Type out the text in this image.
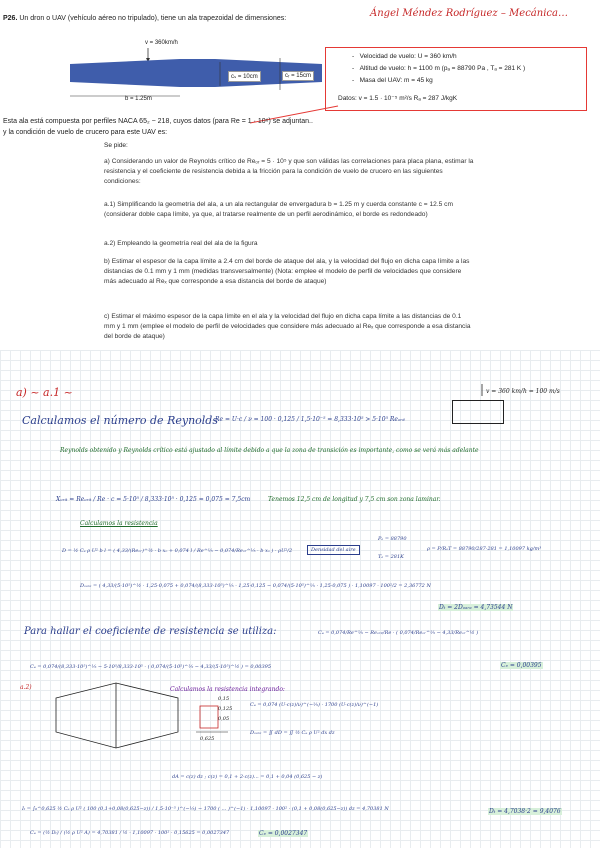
P26. Un dron o UAV (vehículo aéreo no tripulado), tiene un ala trapezoidal de dimensiones:	Ángel Méndez Rodríguez – Mecánica…
v = 360km/h
cₛ = 10cm	cᵣ = 15cm
b = 1.25m
-   Velocidad de vuelo: U = 360 km/h
-   Altitud de vuelo: h = 1100 m (pₐ = 88790 Pa , Tₐ = 281 K )
-   Masa del UAV: m = 45 kg
Datos: v = 1.5 · 10⁻⁵ m²/s Rₐ = 287 J/kgK
Esta ala está compuesta por perfiles NACA 65₂ − 218, cuyos datos (para Re = 1 · 10⁶) se adjuntan..
y la condición de vuelo de crucero para este UAV es:
Se pide:
a) Considerando un valor de Reynolds crítico de Reₒᵣ = 5 · 10⁵ y que son válidas las correlaciones para placa plana, estimar la resistencia y el coeficiente de resistencia debida a la fricción para la condición de vuelo de crucero en las siguientes condiciones:
a.1) Simplificando la geometría del ala, a un ala rectangular de envergadura b = 1.25 m y cuerda constante c = 12.5 cm (considerar doble capa límite, ya que, al tratarse realmente de un perfil aerodinámico, el borde es redondeado)
a.2) Empleando la geometría real del ala de la figura
b) Estimar el espesor de la capa límite a 2.4 cm del borde de ataque del ala, y la velocidad del flujo en dicha capa límite a las distancias de 0.1 mm y 1 mm (medidas transversalmente) (Nota: emplee el modelo de perfil de velocidades que considere más adecuado al Reₓ que corresponde a esa distancia del borde de ataque)
c) Estimar el máximo espesor de la capa límite en el ala y la velocidad del flujo en dicha capa límite a las distancias de 0.1 mm y 1 mm (emplee el modelo de perfil de velocidades que considere más adecuado al Reₓ que corresponde a esa distancia del borde de ataque)
a) ~ a.1 ~	v = 360 km/h = 100 m/s
Calculamos el número de Reynolds
Re = U·c / ν = 100 · 0,125 / 1,5·10⁻⁵ = 8,333·10⁵ > 5·10⁵ Reₒᵣᵢₜ
Reynolds obtenido y Reynolds crítico está ajustado al límite debido a que la zona de transición es importante, como se verá más adelante
Xₒᵣᵢₜ = Reₒᵣᵢₜ / Re · c = 5·10⁵ / 8,333·10⁵ · 0,125 = 0,075 = 7,5cm	Tenemos 12,5 cm de longitud y 7,5 cm son zona laminar.
Calculamos la resistencia
D = ½ Cₑ ρ U² b l = ( 4,33/(Reₒᵣ)^½ · b xₒ + 0,074 l / Re^⅕ − 0,074/Reₒᵣ^⅕ · b xₒ ) · ρU²/2	Densidad del aire
Pₐ = 88790
Tₐ = 281K
ρ = P/RₐT = 88790/287·281 = 1,10097 kg/m³
Dₒₐᵣₐ = ( 4,33/(5·10⁵)^½ · 1,25·0,075 + 0,074/(8,333·10⁵)^⅕ · 1,25·0,125 − 0,074/(5·10⁵)^⅕ · 1,25·0,075 ) · 1,10097 · 100²/2 = 2,36772 N
Dₜ = 2Dₒₐᵣₐ = 4,73544 N
Para hallar el coeficiente de resistencia se utiliza:	Cₑ = 0,074/Re^⅕ − Reₒᵣᵢₜ/Re · ( 0,074/Reₒᵣ^⅕ − 4,33/Reₒᵣ^½ )
Cₑ = 0,074/(8,333·10⁵)^⅕ − 5·10⁵/8,333·10⁵ · ( 0,074/(5·10⁵)^⅕ − 4,33/(5·10⁵)^½ ) = 0,00395	Cₑ = 0,00395
a.2)	Calculamos la resistencia integrando:
0,15
0,125
0,05
0,625
Cₑ = 0,074 (U·c(z)/ν)^(−⅕) · 1700 (U·c(z)/ν)^(−1)
Dₒₐᵣₐ = ∬ dD = ∬ ½ Cₑ ρ U² dx dz
dA = c(z) dz ; c(z) = 0,1 + 2·c(z)... = 0,1 + 0,04 (0,625 − z)
Iₜ = ∫₀^0,625 ½ Cₑ ρ U² ( 100 (0,1+0,08(0,625−z)) / 1,5·10⁻⁵ )^(−⅕) − 1700 ( ... )^(−1) · 1,10097 · 100² · (0,1 + 0,08(0,625−z)) dz = 4,70381 N	Dₜ = 4,7038·2 = 9,4076
Cₑ = (½ Dₜ) / (½ ρ U² A) = 4,70381 / ½ · 1,10097 · 100² · 0,15625 = 0,0027347	Cₑ = 0,0027347
